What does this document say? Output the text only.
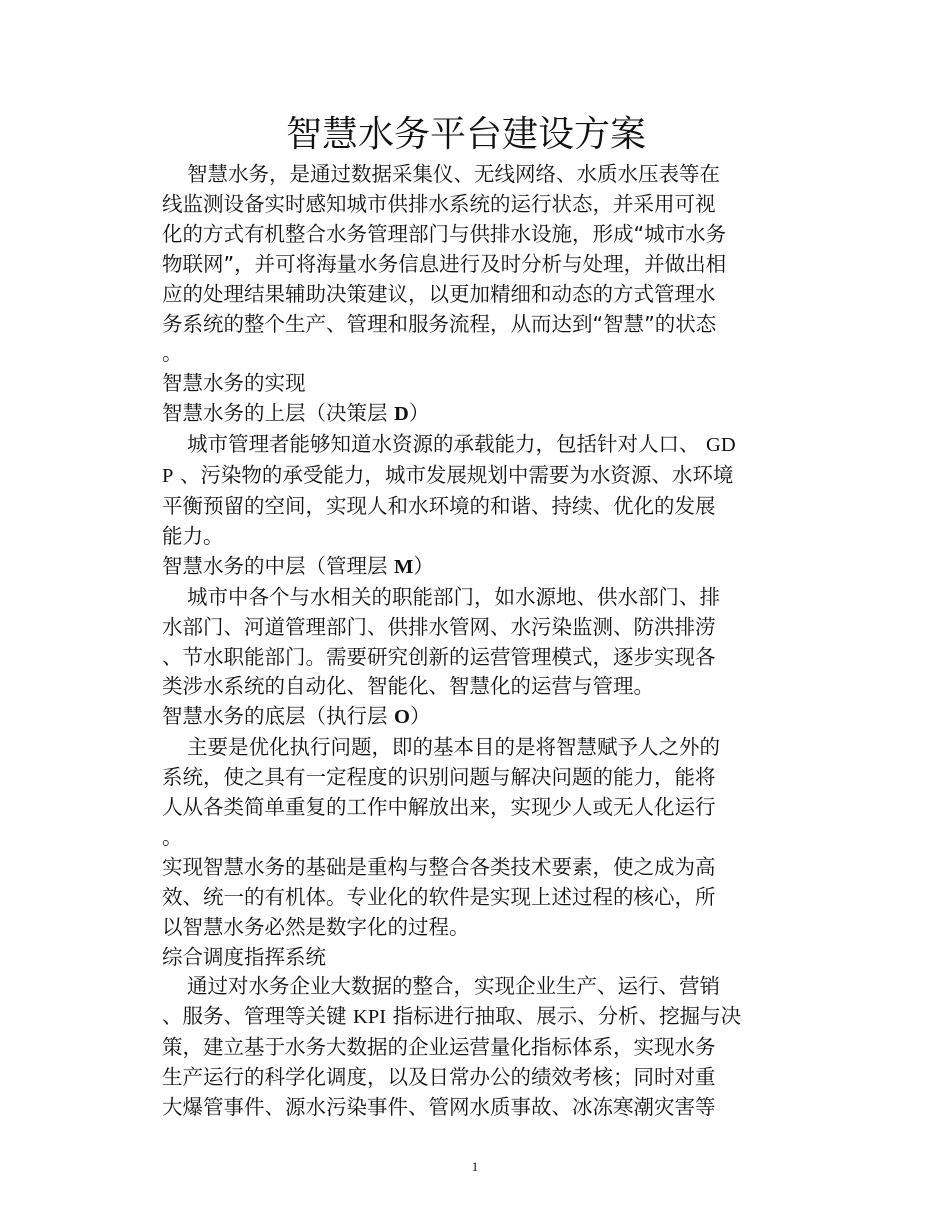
智慧水务平台建设方案

智慧水务，是通过数据采集仪、无线网络、水质水压表等在

线监测设备实时感知城市供排水系统的运行状态，并采用可视

化的方式有机整合水务管理部门与供排水设施，形成“城市水务

物联网”，并可将海量水务信息进行及时分析与处理，并做出相

应的处理结果辅助决策建议，以更加精细和动态的方式管理水

务系统的整个生产、管理和服务流程，从而达到“智慧”的状态

。

智慧水务的实现

智慧水务的上层（决策层 D）

城市管理者能够知道水资源的承载能力，包括针对人口、 GD

P 、污染物的承受能力，城市发展规划中需要为水资源、水环境

平衡预留的空间，实现人和水环境的和谐、持续、优化的发展

能力。

智慧水务的中层（管理层 M）

城市中各个与水相关的职能部门，如水源地、供水部门、排

水部门、河道管理部门、供排水管网、水污染监测、防洪排涝

、节水职能部门。需要研究创新的运营管理模式，逐步实现各

类涉水系统的自动化、智能化、智慧化的运营与管理。

智慧水务的底层（执行层 O）

主要是优化执行问题，即的基本目的是将智慧赋予人之外的

系统，使之具有一定程度的识别问题与解决问题的能力，能将

人从各类简单重复的工作中解放出来，实现少人或无人化运行

。

实现智慧水务的基础是重构与整合各类技术要素，使之成为高

效、统一的有机体。专业化的软件是实现上述过程的核心，所

以智慧水务必然是数字化的过程。

综合调度指挥系统

通过对水务企业大数据的整合，实现企业生产、运行、营销

、服务、管理等关键 KPI 指标进行抽取、展示、分析、挖掘与决

策，建立基于水务大数据的企业运营量化指标体系，实现水务

生产运行的科学化调度，以及日常办公的绩效考核；同时对重

大爆管事件、源水污染事件、管网水质事故、冰冻寒潮灾害等

1
